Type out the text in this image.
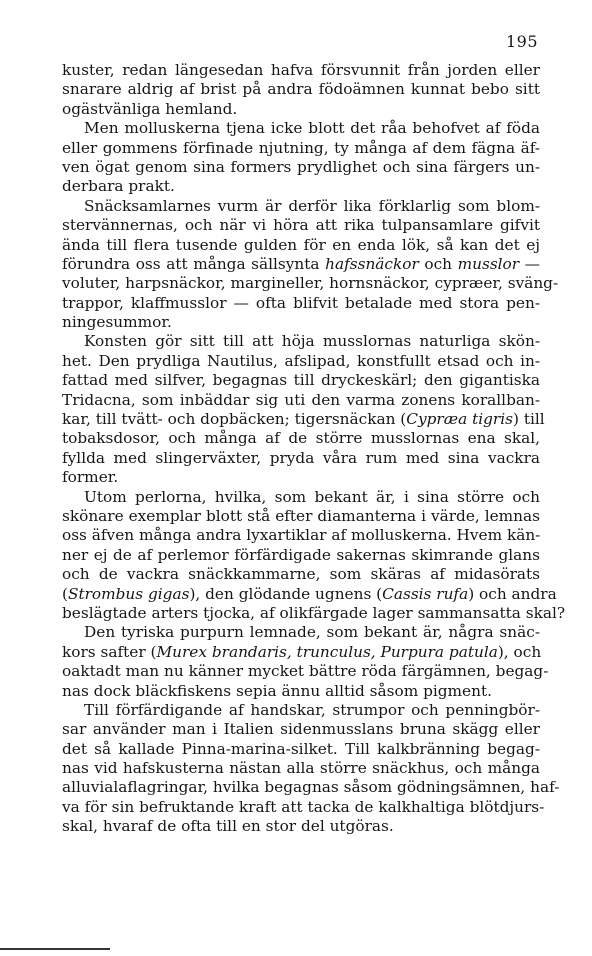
195
kuster, redan längesedan hafva försvunnit från jorden eller
snarare aldrig af brist på andra födoämnen kunnat bebo sitt
ogästvänliga hemland.
Men molluskerna tjena icke blott det råa behofvet af föda
eller gommens förfinade njutning, ty många af dem fägna äf-
ven ögat genom sina formers prydlighet och sina färgers un-
derbara prakt.
Snäcksamlarnes vurm är derför lika förklarlig som blom-
stervännernas, och när vi höra att rika tulpansamlare gifvit
ända till flera tusende gulden för en enda lök, så kan det ej
förundra oss att många sällsynta hafssnäckor och musslor —
voluter, harpsnäckor, margineller, hornsnäckor, cypræer, sväng-
trappor, klaffmusslor — ofta blifvit betalade med stora pen-
ningesummor.
Konsten gör sitt till att höja musslornas naturliga skön-
het. Den prydliga Nautilus, afslipad, konstfullt etsad och in-
fattad med silfver, begagnas till dryckeskärl; den gigantiska
Tridacna, som inbäddar sig uti den varma zonens korallban-
kar, till tvätt- och dopbäcken; tigersnäckan (Cypræa tigris) till
tobaksdosor, och många af de större musslornas ena skal,
fyllda med slingerväxter, pryda våra rum med sina vackra
former.
Utom perlorna, hvilka, som bekant är, i sina större och
skönare exemplar blott stå efter diamanterna i värde, lemnas
oss äfven många andra lyxartiklar af molluskerna. Hvem kän-
ner ej de af perlemor förfärdigade sakernas skimrande glans
och de vackra snäckkammarne, som skäras af midasörats
(Strombus gigas), den glödande ugnens (Cassis rufa) och andra
beslägtade arters tjocka, af olikfärgade lager sammansatta skal?
Den tyriska purpurn lemnade, som bekant är, några snäc-
kors safter (Murex brandaris, trunculus, Purpura patula), och
oaktadt man nu känner mycket bättre röda färgämnen, begag-
nas dock bläckfiskens sepia ännu alltid såsom pigment.
Till förfärdigande af handskar, strumpor och penningbör-
sar använder man i Italien sidenmusslans bruna skägg eller
det så kallade Pinna-marina-silket. Till kalkbränning begag-
nas vid hafskusterna nästan alla större snäckhus, och många
alluvialaflagringar, hvilka begagnas såsom gödningsämnen, haf-
va för sin befruktande kraft att tacka de kalkhaltiga blötdjurs-
skal, hvaraf de ofta till en stor del utgöras.
